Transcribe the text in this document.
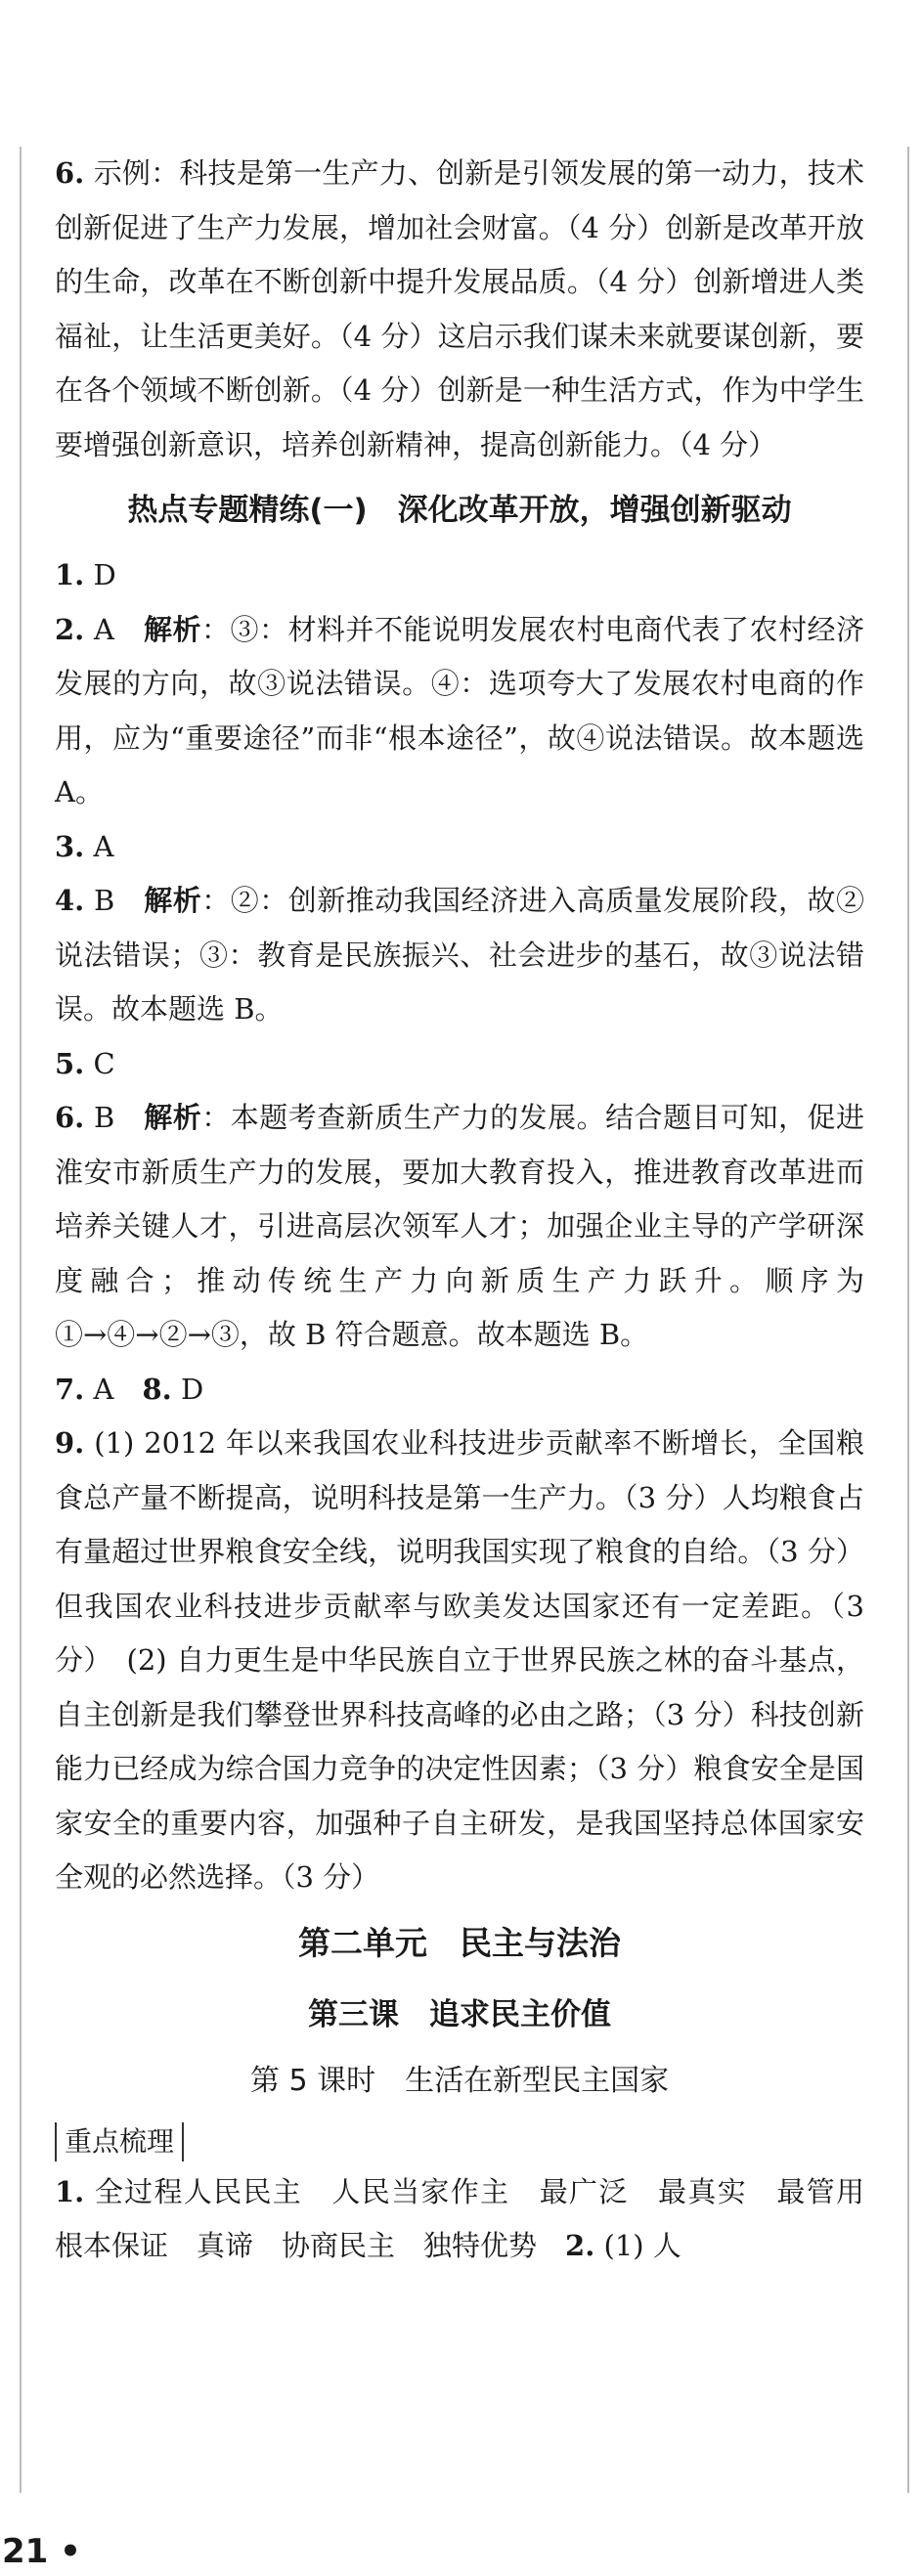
6. 示例：科技是第一生产力、创新是引领发展的第一动力，技术创新促进了生产力发展，增加社会财富。（4 分）创新是改革开放的生命，改革在不断创新中提升发展品质。（4 分）创新增进人类福祉，让生活更美好。（4 分）这启示我们谋未来就要谋创新，要在各个领域不断创新。（4 分）创新是一种生活方式，作为中学生要增强创新意识，培养创新精神，提高创新能力。（4 分）

热点专题精练(一)　深化改革开放，增强创新驱动

1. D

2. A　 解析：③：材料并不能说明发展农村电商代表了农村经济发展的方向，故③说法错误。④：选项夸大了发展农村电商的作用，应为“重要途径”而非“根本途径”，故④说法错误。故本题选 A。

3. A

4. B　 解析：②：创新推动我国经济进入高质量发展阶段，故②说法错误；③：教育是民族振兴、社会进步的基石，故③说法错误。故本题选 B。

5. C

6. B　 解析：本题考查新质生产力的发展。结合题目可知，促进淮安市新质生产力的发展，要加大教育投入，推进教育改革进而培养关键人才，引进高层次领军人才；加强企业主导的产学研深度融合；推动传统生产力向新质生产力跃升。顺序为①→④→②→③，故 B 符合题意。故本题选 B。

7. A　 8. D

9. (1) 2012 年以来我国农业科技进步贡献率不断增长，全国粮食总产量不断提高，说明科技是第一生产力。（3 分）人均粮食占有量超过世界粮食安全线，说明我国实现了粮食的自给。（3 分）但我国农业科技进步贡献率与欧美发达国家还有一定差距。（3 分）　(2) 自力更生是中华民族自立于世界民族之林的奋斗基点，自主创新是我们攀登世界科技高峰的必由之路；（3 分）科技创新能力已经成为综合国力竞争的决定性因素；（3 分）粮食安全是国家安全的重要内容，加强种子自主研发，是我国坚持总体国家安全观的必然选择。（3 分）

第二单元　民主与法治
第三课　追求民主价值
第 5 课时　生活在新型民主国家
重点梳理

1. 全过程人民民主　人民当家作主　最广泛　最真实　最管用　根本保证　真谛　协商民主　独特优势　2. (1) 人

21 •
